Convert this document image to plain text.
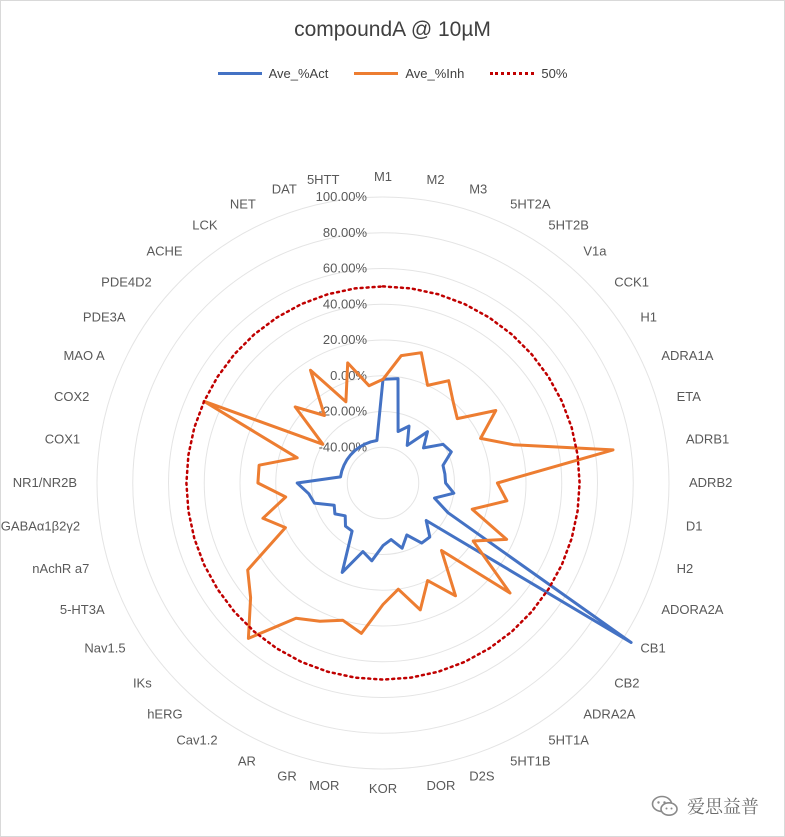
compoundA @ 10µM
Ave_%Act	Ave_%Inh	50%
-40.00%
-20.00%
0.00%
20.00%
40.00%
60.00%
80.00%
100.00%
M1	M2
M3
5HT2A
5HT2B
V1a
CCK1
H1
ADRA1A
ETA
ADRB1
ADRB2
D1
H2
ADORA2A
CB1
CB2
ADRA2A
5HT1A
5HT1B
D2S
DOR
KOR
MOR
GR
AR
Cav1.2
hERG
IKs
Nav1.5
5-HT3A
nAchR a7
GABAα1β2γ2
NR1/NR2B
COX1
COX2
MAO A
PDE3A
PDE4D2
ACHE
LCK
NET
DAT
5HTT
爱思益普
